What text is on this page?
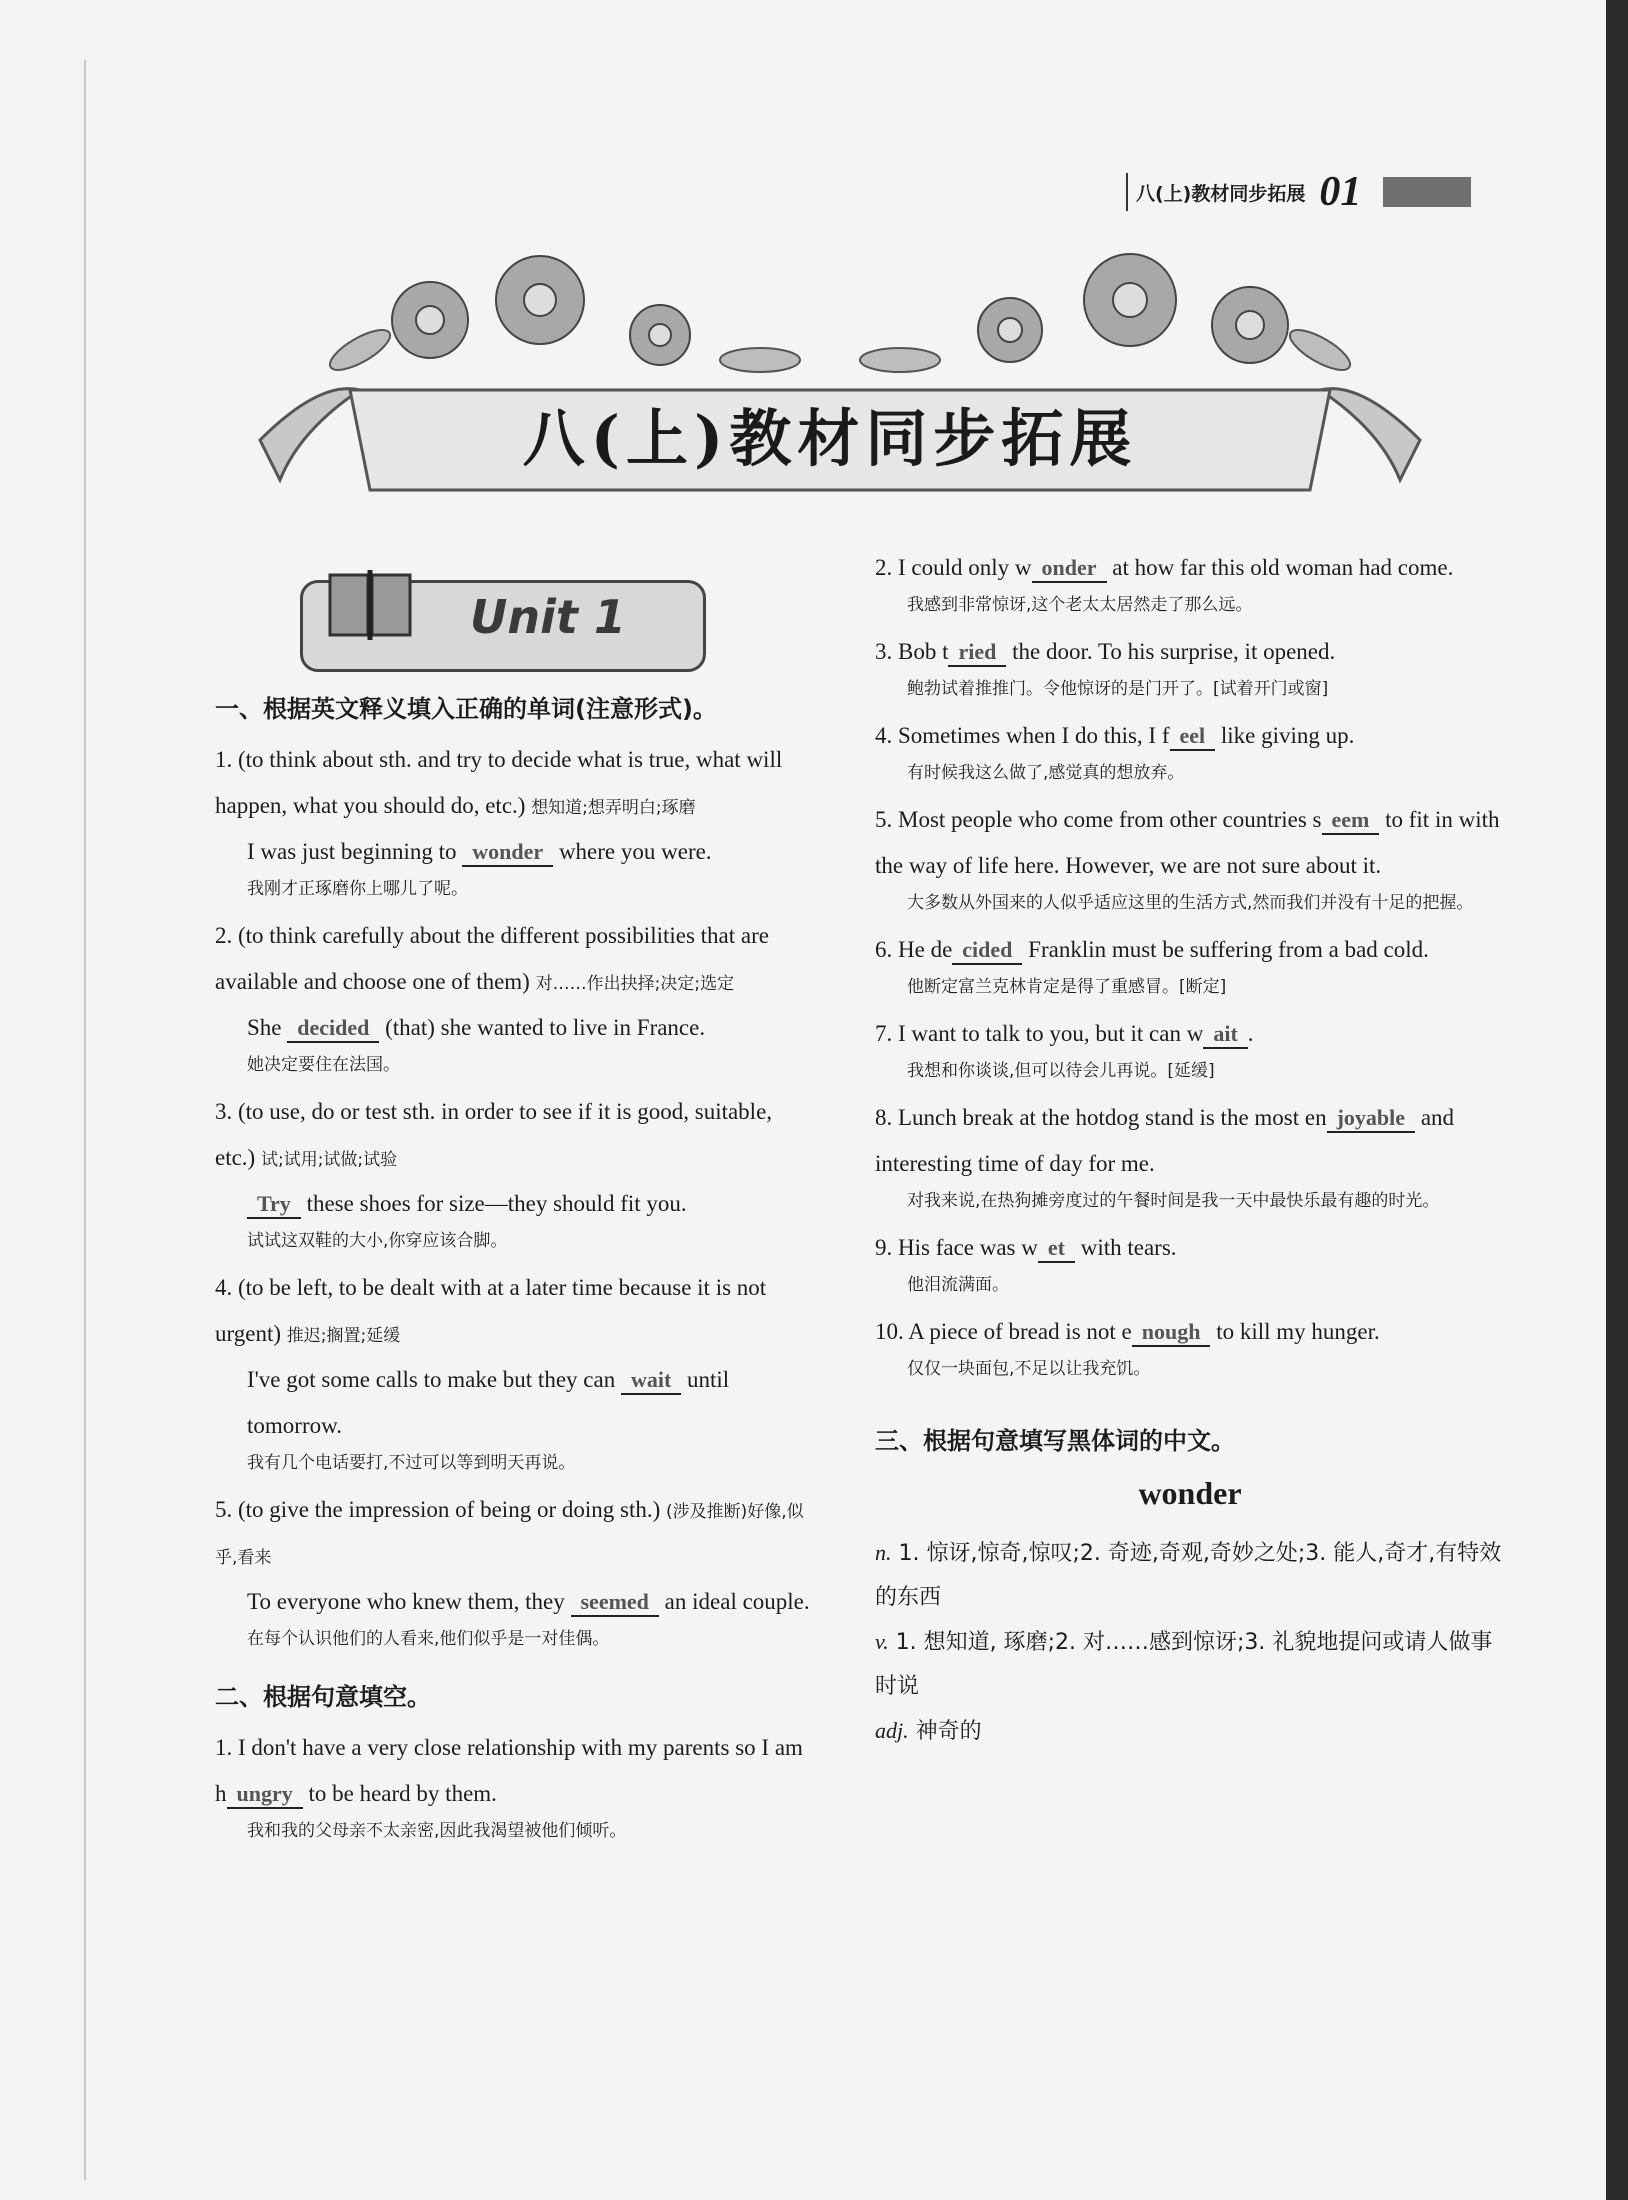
八(上)教材同步拓展 01
八(上)教材同步拓展
Unit 1
一、根据英文释义填入正确的单词(注意形式)。
1. (to think about sth. and try to decide what is true, what will happen, what you should do, etc.) 想知道;想弄明白;琢磨
I was just beginning to wonder where you were.
我刚才正琢磨你上哪儿了呢。
2. (to think carefully about the different possibilities that are available and choose one of them) 对……作出抉择;决定;选定
She decided (that) she wanted to live in France.
她决定要住在法国。
3. (to use, do or test sth. in order to see if it is good, suitable, etc.) 试;试用;试做;试验
Try these shoes for size—they should fit you.
试试这双鞋的大小,你穿应该合脚。
4. (to be left, to be dealt with at a later time because it is not urgent) 推迟;搁置;延缓
I've got some calls to make but they can wait until tomorrow.
我有几个电话要打,不过可以等到明天再说。
5. (to give the impression of being or doing sth.) (涉及推断)好像,似乎,看来
To everyone who knew them, they seemed an ideal couple.
在每个认识他们的人看来,他们似乎是一对佳偶。
二、根据句意填空。
1. I don't have a very close relationship with my parents so I am h ungry to be heard by them.
我和我的父母亲不太亲密,因此我渴望被他们倾听。
2. I could only w onder at how far this old woman had come.
我感到非常惊讶,这个老太太居然走了那么远。
3. Bob t ried the door. To his surprise, it opened.
鲍勃试着推推门。令他惊讶的是门开了。[试着开门或窗]
4. Sometimes when I do this, I f eel like giving up.
有时候我这么做了,感觉真的想放弃。
5. Most people who come from other countries s eem to fit in with the way of life here. However, we are not sure about it.
大多数从外国来的人似乎适应这里的生活方式,然而我们并没有十足的把握。
6. He de cided Franklin must be suffering from a bad cold.
他断定富兰克林肯定是得了重感冒。[断定]
7. I want to talk to you, but it can w ait .
我想和你谈谈,但可以待会儿再说。[延缓]
8. Lunch break at the hotdog stand is the most en joyable and interesting time of day for me.
对我来说,在热狗摊旁度过的午餐时间是我一天中最快乐最有趣的时光。
9. His face was w et with tears.
他泪流满面。
10. A piece of bread is not e nough to kill my hunger.
仅仅一块面包,不足以让我充饥。
三、根据句意填写黑体词的中文。
wonder
n. 1. 惊讶,惊奇,惊叹;2. 奇迹,奇观,奇妙之处;3. 能人,奇才,有特效的东西
v. 1. 想知道, 琢磨;2. 对……感到惊讶;3. 礼貌地提问或请人做事时说
adj. 神奇的
